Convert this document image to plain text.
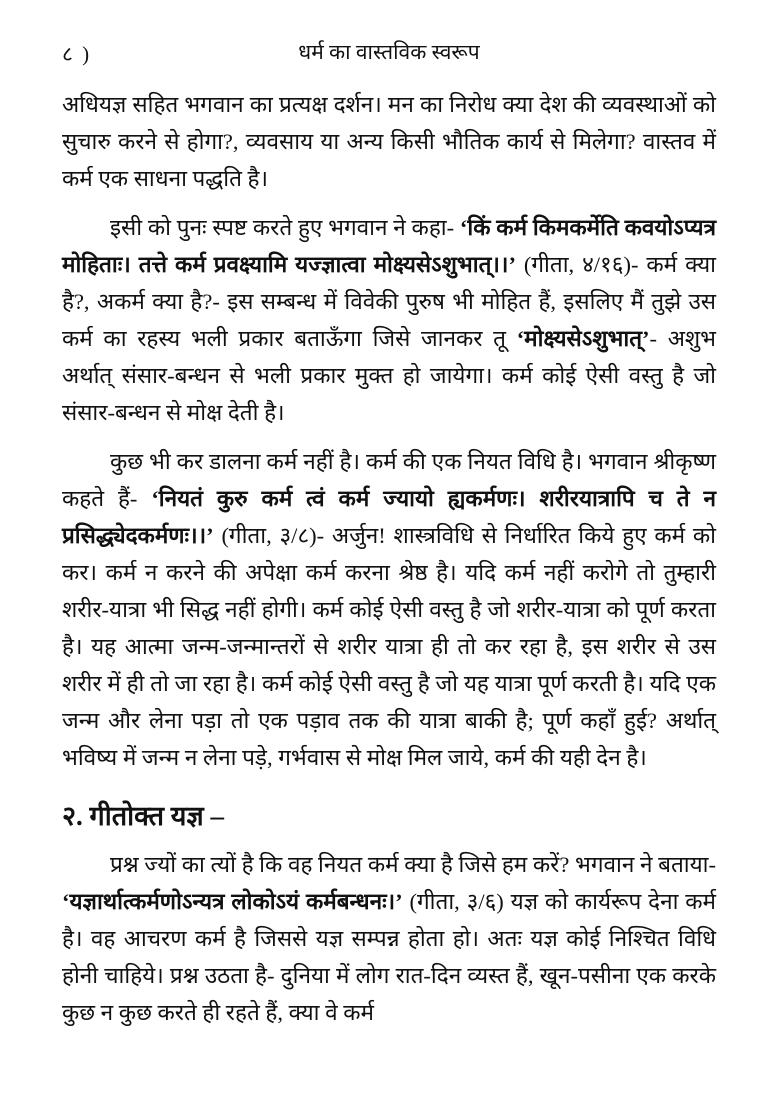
८ )	धर्म का वास्तविक स्वरूप

अधियज्ञ सहित भगवान का प्रत्यक्ष दर्शन। मन का निरोध क्या देश की व्यवस्थाओं को सुचारु करने से होगा?, व्यवसाय या अन्य किसी भौतिक कार्य से मिलेगा? वास्तव में कर्म एक साधना पद्धति है।

इसी को पुनः स्पष्ट करते हुए भगवान ने कहा- ‘किं कर्म किमकर्मेति कवयोऽप्यत्र मोहिताः। तत्ते कर्म प्रवक्ष्यामि यज्ज्ञात्वा मोक्ष्यसेऽशुभात्।।’ (गीता, ४/१६)- कर्म क्या है?, अकर्म क्या है?- इस सम्बन्ध में विवेकी पुरुष भी मोहित हैं, इसलिए मैं तुझे उस कर्म का रहस्य भली प्रकार बताऊँगा जिसे जानकर तू ‘मोक्ष्यसेऽशुभात्’- अशुभ अर्थात् संसार-बन्धन से भली प्रकार मुक्त हो जायेगा। कर्म कोई ऐसी वस्तु है जो संसार-बन्धन से मोक्ष देती है।

कुछ भी कर डालना कर्म नहीं है। कर्म की एक नियत विधि है। भगवान श्रीकृष्ण कहते हैं- ‘नियतं कुरु कर्म त्वं कर्म ज्यायो ह्यकर्मणः। शरीरयात्रापि च ते न प्रसिद्ध्येदकर्मणः।।’ (गीता, ३/८)- अर्जुन! शास्त्रविधि से निर्धारित किये हुए कर्म को कर। कर्म न करने की अपेक्षा कर्म करना श्रेष्ठ है। यदि कर्म नहीं करोगे तो तुम्हारी शरीर-यात्रा भी सिद्ध नहीं होगी। कर्म कोई ऐसी वस्तु है जो शरीर-यात्रा को पूर्ण करता है। यह आत्मा जन्म-जन्मान्तरों से शरीर यात्रा ही तो कर रहा है, इस शरीर से उस शरीर में ही तो जा रहा है। कर्म कोई ऐसी वस्तु है जो यह यात्रा पूर्ण करती है। यदि एक जन्म और लेना पड़ा तो एक पड़ाव तक की यात्रा बाकी है; पूर्ण कहाँ हुई? अर्थात् भविष्य में जन्म न लेना पड़े, गर्भवास से मोक्ष मिल जाये, कर्म की यही देन है।

२. गीतोक्त यज्ञ –

प्रश्न ज्यों का त्यों है कि वह नियत कर्म क्या है जिसे हम करें? भगवान ने बताया- ‘यज्ञार्थात्कर्मणोऽन्यत्र लोकोऽयं कर्मबन्धनः।’ (गीता, ३/६) यज्ञ को कार्यरूप देना कर्म है। वह आचरण कर्म है जिससे यज्ञ सम्पन्न होता हो। अतः यज्ञ कोई निश्चित विधि होनी चाहिये। प्रश्न उठता है- दुनिया में लोग रात-दिन व्यस्त हैं, खून-पसीना एक करके कुछ न कुछ करते ही रहते हैं, क्या वे कर्म
